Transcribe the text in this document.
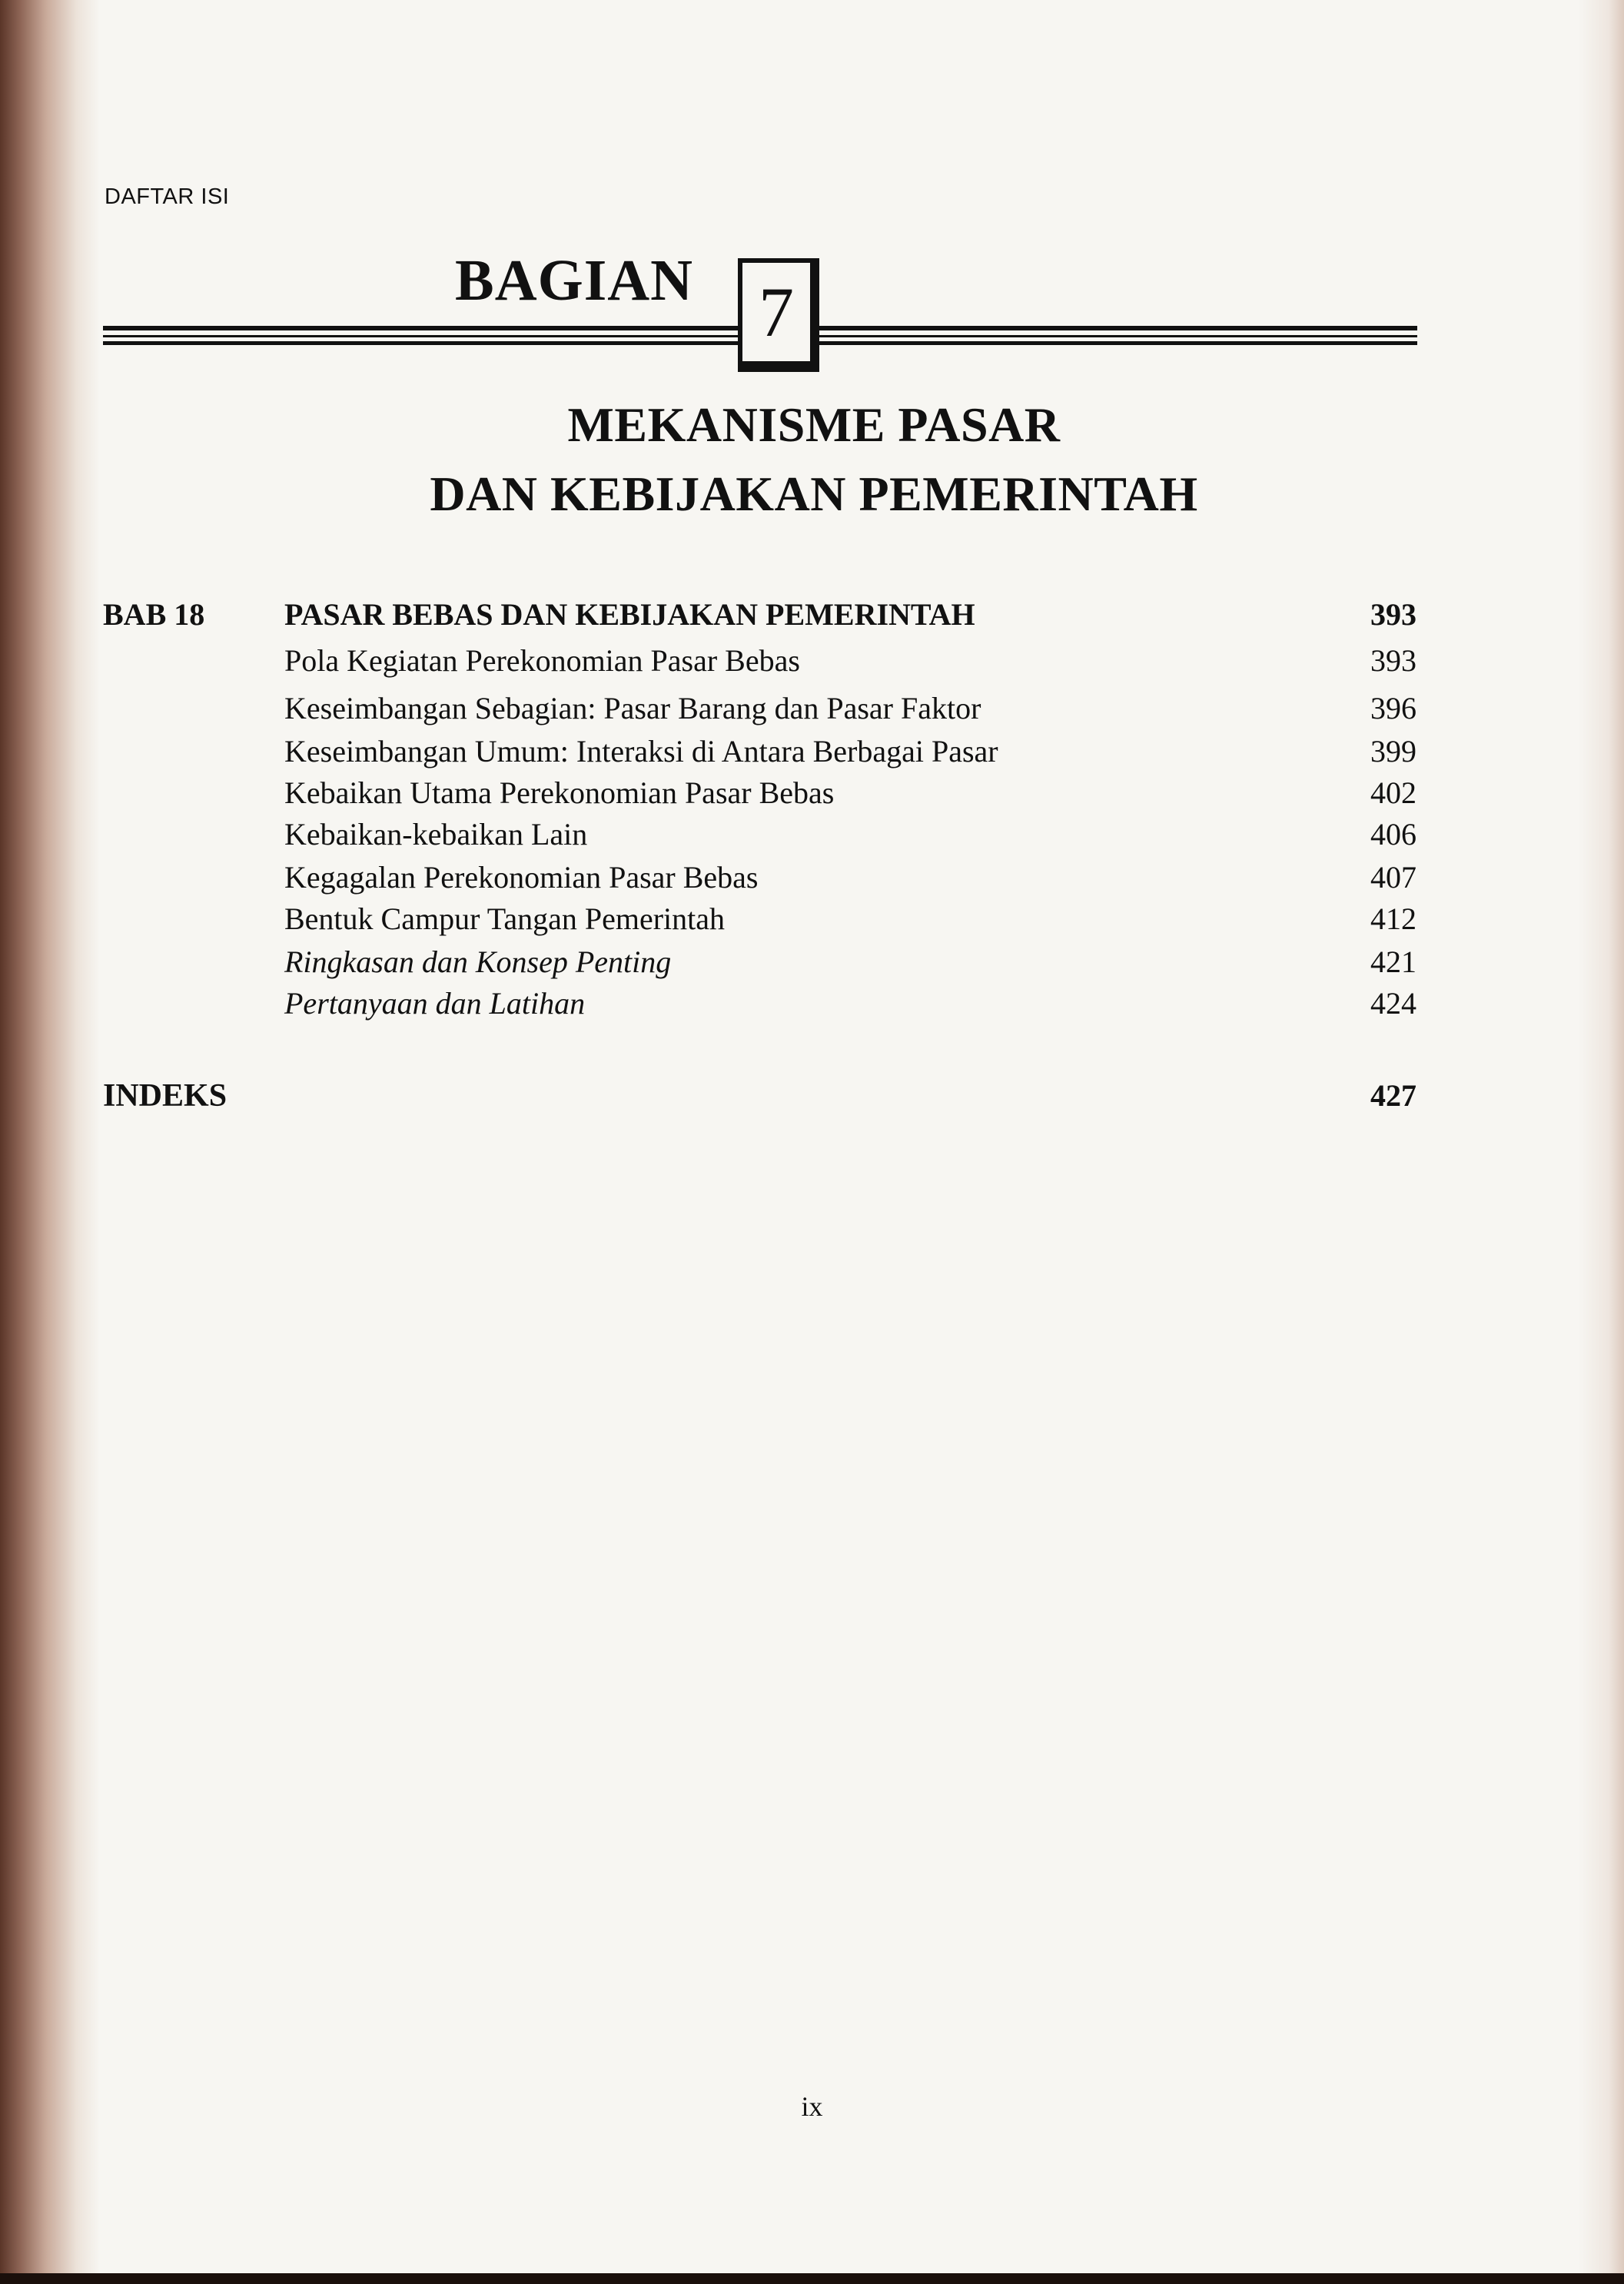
DAFTAR ISI
BAGIAN 7
MEKANISME PASAR
DAN KEBIJAKAN PEMERINTAH
BAB 18	PASAR BEBAS DAN KEBIJAKAN PEMERINTAH	393
Pola Kegiatan Perekonomian Pasar Bebas	393
Keseimbangan Sebagian: Pasar Barang dan Pasar Faktor	396
Keseimbangan Umum: Interaksi di Antara Berbagai Pasar	399
Kebaikan Utama Perekonomian Pasar Bebas	402
Kebaikan-kebaikan Lain	406
Kegagalan Perekonomian Pasar Bebas	407
Bentuk Campur Tangan Pemerintah	412
Ringkasan dan Konsep Penting	421
Pertanyaan dan Latihan	424
INDEKS	427
ix
